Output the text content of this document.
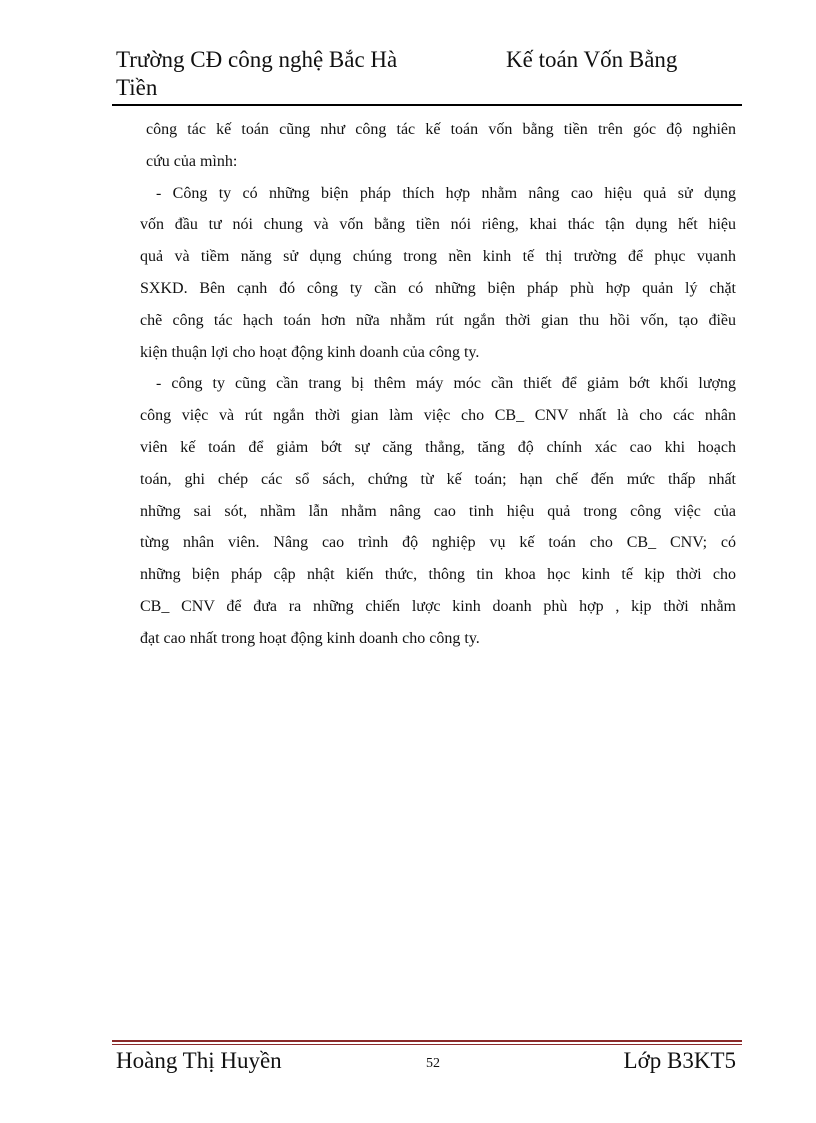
Trường CĐ công nghệ Bắc Hà	Kế toán Vốn Bằng
Tiền
công tác kế toán cũng như công tác kế toán vốn bằng tiền trên góc độ nghiên
cứu của mình:
- Công ty có những biện pháp thích hợp nhằm nâng cao hiệu quả sử dụng
vốn đầu tư nói chung và vốn bằng tiền nói riêng, khai thác tận dụng hết hiệu
quả và tiềm năng sử dụng chúng trong nền kinh tế thị trường để phục vụanh
SXKD. Bên cạnh đó công ty cần có những biện pháp phù hợp quản lý chặt
chẽ công tác hạch toán hơn nữa nhằm rút ngắn thời gian thu hồi vốn, tạo điều
kiện thuận lợi cho hoạt động kinh doanh của công ty.
- công ty cũng cần trang bị thêm máy móc cần thiết để giảm bớt khối lượng
công việc và rút ngắn thời gian làm việc cho CB_ CNV nhất là cho các nhân
viên kế toán để giảm bớt sự căng thẳng, tăng độ chính xác cao khi hoạch
toán, ghi chép các sổ sách, chứng từ kế toán; hạn chế đến mức thấp nhất
những sai sót, nhầm lẫn nhằm nâng cao tinh hiệu quả trong công việc của
từng nhân viên. Nâng cao trình độ nghiệp vụ kế toán cho CB_ CNV; có
những biện pháp cập nhật kiến thức, thông tin khoa học kinh tế kịp thời cho
CB_ CNV để đưa ra những chiến lược kinh doanh phù hợp , kịp thời nhằm
đạt cao nhất trong hoạt động kinh doanh cho công ty.
Hoàng Thị Huyền	52	Lớp B3KT5
